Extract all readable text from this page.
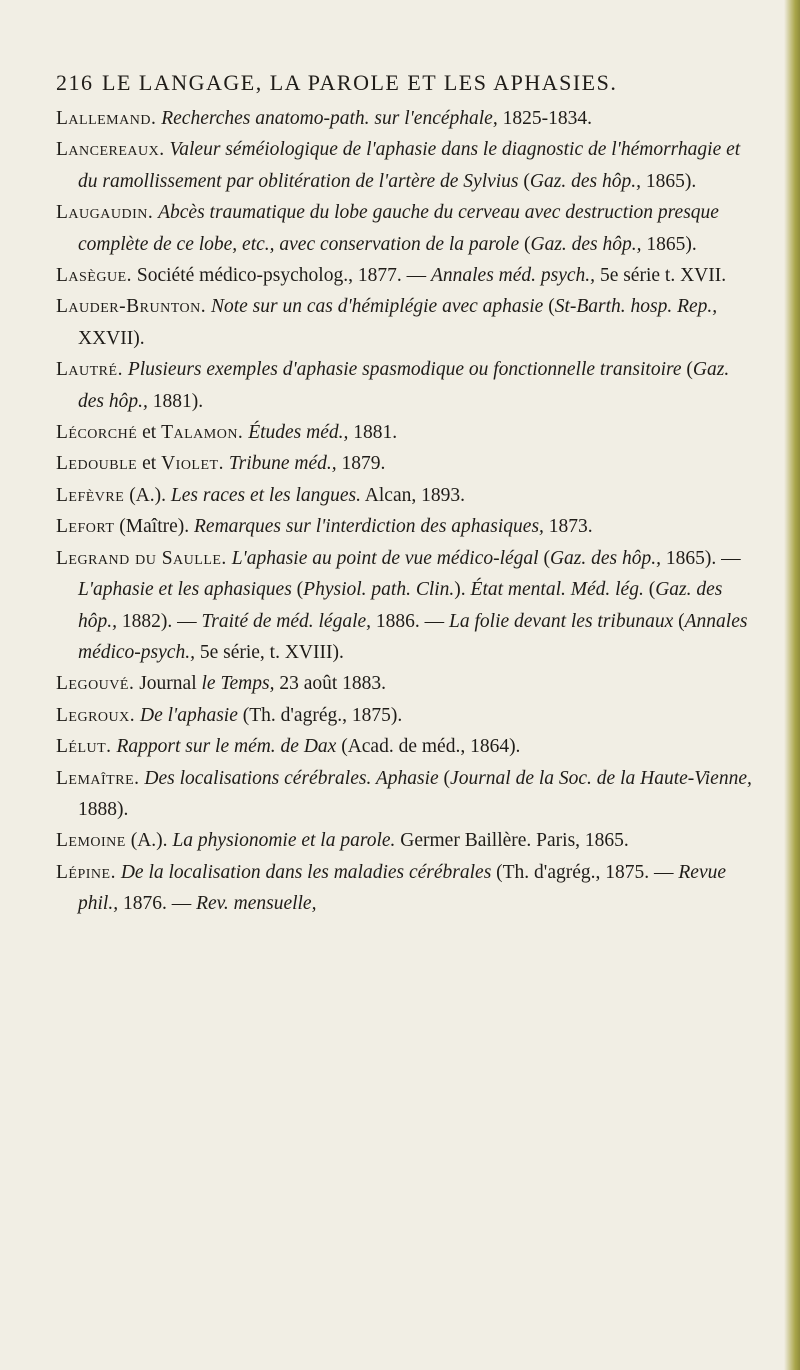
216 LE LANGAGE, LA PAROLE ET LES APHASIES.

Lallemand. Recherches anatomo-path. sur l'encéphale, 1825-1834.

Lancereaux. Valeur séméiologique de l'aphasie dans le diagnostic de l'hémorrhagie et du ramollissement par oblitération de l'artère de Sylvius (Gaz. des hôp., 1865).

Laugaudin. Abcès traumatique du lobe gauche du cerveau avec destruction presque complète de ce lobe, etc., avec conservation de la parole (Gaz. des hôp., 1865).

Lasègue. Société médico-psycholog., 1877. — Annales méd. psych., 5e série t. XVII.

Lauder-Brunton. Note sur un cas d'hémiplégie avec aphasie (St-Barth. hosp. Rep., XXVII).

Lautré. Plusieurs exemples d'aphasie spasmodique ou fonctionnelle transitoire (Gaz. des hôp., 1881).

Lécorché et Talamon. Études méd., 1881.

Ledouble et Violet. Tribune méd., 1879.

Lefèvre (A.). Les races et les langues. Alcan, 1893.

Lefort (Maître). Remarques sur l'interdiction des aphasiques, 1873.

Legrand du Saulle. L'aphasie au point de vue médico-légal (Gaz. des hôp., 1865). — L'aphasie et les aphasiques (Physiol. path. Clin.). État mental. Méd. lég. (Gaz. des hôp., 1882). — Traité de méd. légale, 1886. — La folie devant les tribunaux (Annales médico-psych., 5e série, t. XVIII).

Legouvé. Journal le Temps, 23 août 1883.

Legroux. De l'aphasie (Th. d'agrég., 1875).

Lélut. Rapport sur le mém. de Dax (Acad. de méd., 1864).

Lemaître. Des localisations cérébrales. Aphasie (Journal de la Soc. de la Haute-Vienne, 1888).

Lemoine (A.). La physionomie et la parole. Germer Baillère. Paris, 1865.

Lépine. De la localisation dans les maladies cérébrales (Th. d'agrég., 1875. — Revue phil., 1876. — Rev. mensuelle,
